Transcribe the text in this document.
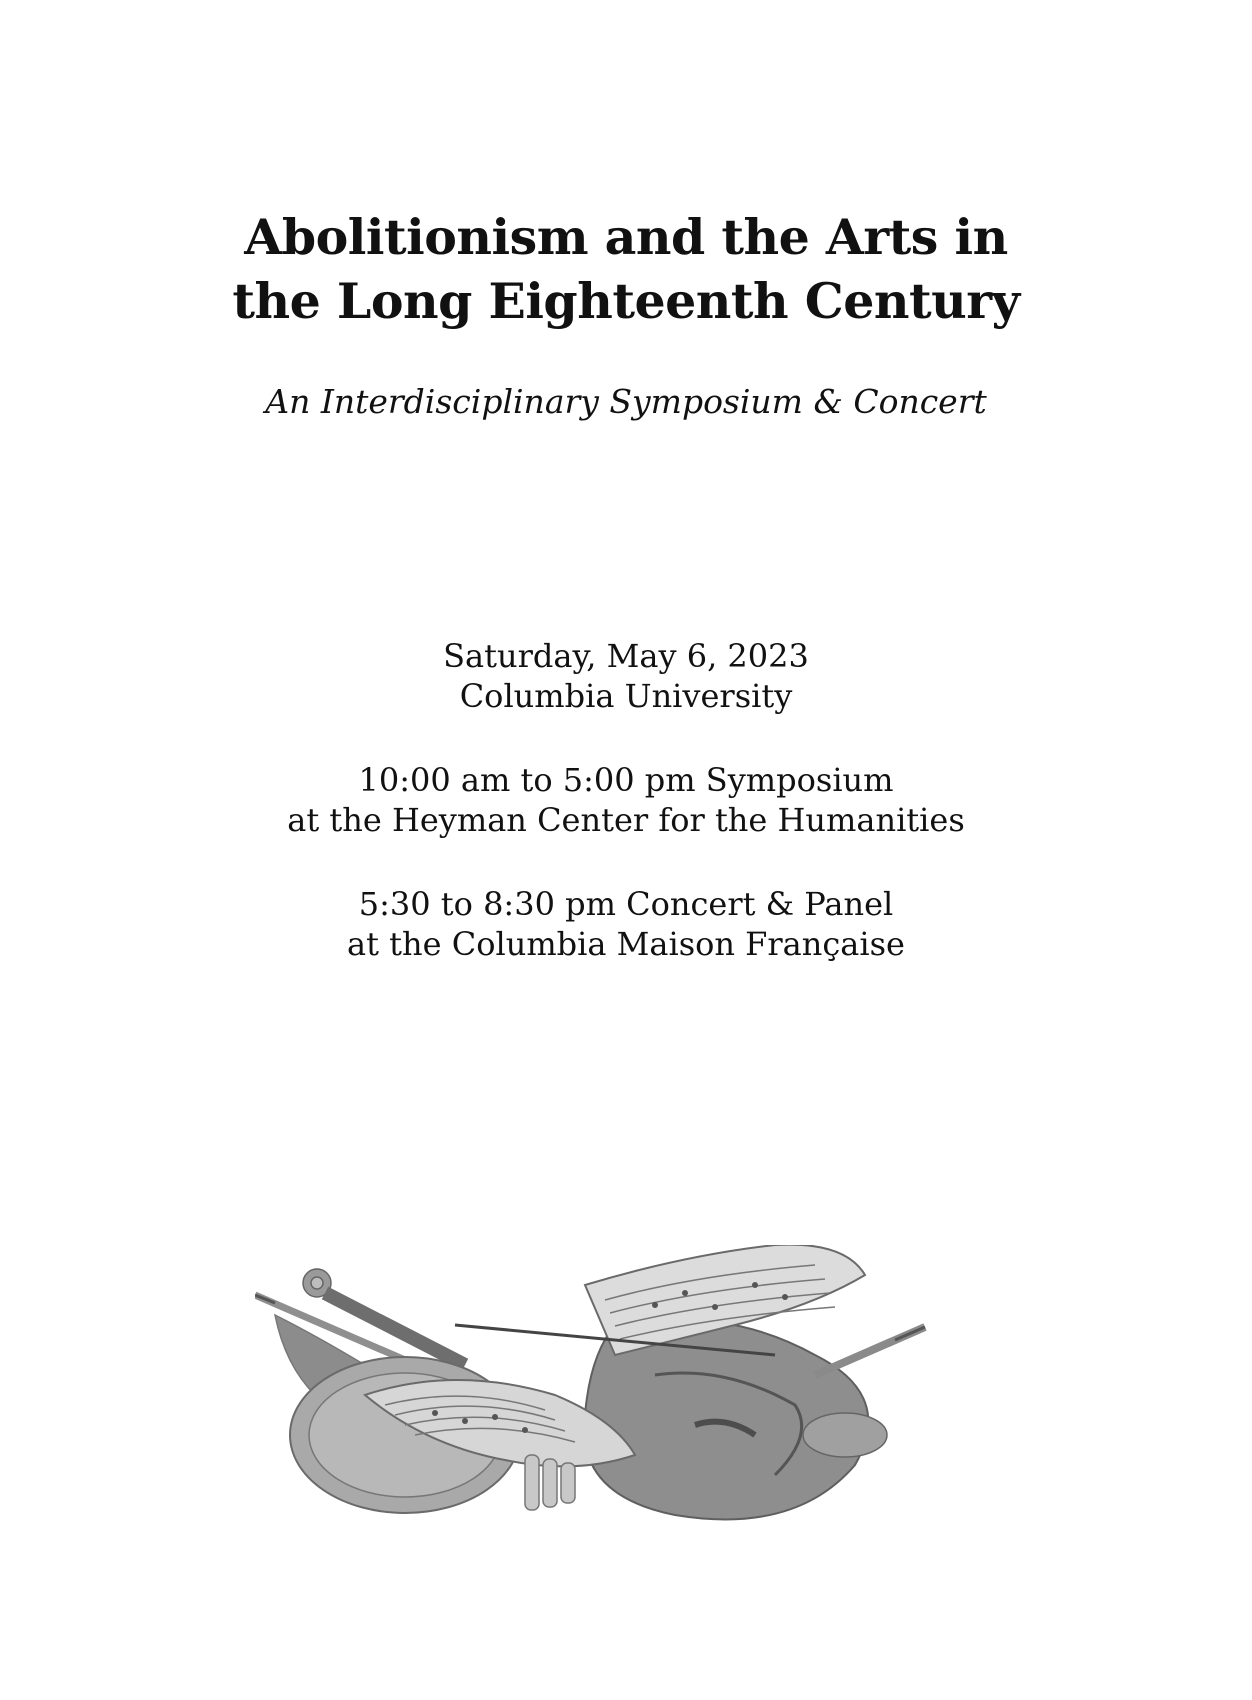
Abolitionism and the Arts in
the Long Eighteenth Century

An Interdisciplinary Symposium & Concert

Saturday, May 6, 2023
Columbia University
10:00 am to 5:00 pm Symposium
at the Heyman Center for the Humanities
5:30 to 8:30 pm Concert & Panel
at the Columbia Maison Française
